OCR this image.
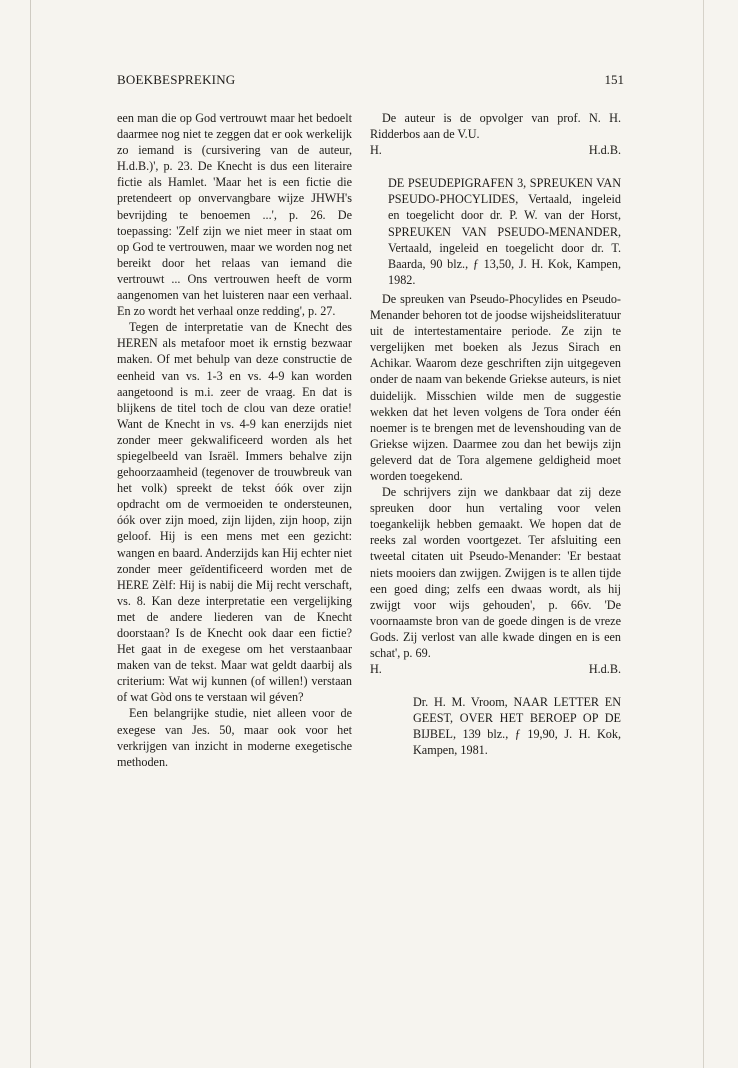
BOEKBESPREKING	151

een man die op God vertrouwt maar het bedoelt daarmee nog niet te zeggen dat er ook werkelijk zo iemand is (cursivering van de auteur, H.d.B.)', p. 23. De Knecht is dus een literaire fictie als Hamlet. 'Maar het is een fictie die pretendeert op onvervangbare wijze JHWH's bevrijding te benoemen ...', p. 26. De toepassing: 'Zelf zijn we niet meer in staat om op God te vertrouwen, maar we worden nog net bereikt door het relaas van iemand die vertrouwt ... Ons vertrouwen heeft de vorm aangenomen van het luisteren naar een verhaal. En zo wordt het verhaal onze redding', p. 27.

Tegen de interpretatie van de Knecht des HEREN als metafoor moet ik ernstig bezwaar maken. Of met behulp van deze constructie de eenheid van vs. 1-3 en vs. 4-9 kan worden aangetoond is m.i. zeer de vraag. En dat is blijkens de titel toch de clou van deze oratie! Want de Knecht in vs. 4-9 kan enerzijds niet zonder meer gekwalificeerd worden als het spiegelbeeld van Israël. Immers behalve zijn gehoorzaamheid (tegenover de trouwbreuk van het volk) spreekt de tekst óók over zijn opdracht om de vermoeiden te ondersteunen, óók over zijn moed, zijn lijden, zijn hoop, zijn geloof. Hij is een mens met een gezicht: wangen en baard. Anderzijds kan Hij echter niet zonder meer geïdentificeerd worden met de HERE Zèlf: Hij is nabij die Mij recht verschaft, vs. 8. Kan deze interpretatie een vergelijking met de andere liederen van de Knecht doorstaan? Is de Knecht ook daar een fictie? Het gaat in de exegese om het verstaanbaar maken van de tekst. Maar wat geldt daarbij als criterium: Wat wij kunnen (of willen!) verstaan of wat Gòd ons te verstaan wil géven?

Een belangrijke studie, niet alleen voor de exegese van Jes. 50, maar ook voor het verkrijgen van inzicht in moderne exegetische methoden.

De auteur is de opvolger van prof. N. H. Ridderbos aan de V.U.

H.	H.d.B.

DE PSEUDEPIGRAFEN 3, SPREUKEN VAN PSEUDO-PHOCYLIDES, Vertaald, ingeleid en toegelicht door dr. P. W. van der Horst, SPREUKEN VAN PSEUDO-MENANDER, Vertaald, ingeleid en toegelicht door dr. T. Baarda, 90 blz., ƒ 13,50, J. H. Kok, Kampen, 1982.

De spreuken van Pseudo-Phocylides en Pseudo-Menander behoren tot de joodse wijsheidsliteratuur uit de intertestamentaire periode. Ze zijn te vergelijken met boeken als Jezus Sirach en Achikar. Waarom deze geschriften zijn uitgegeven onder de naam van bekende Griekse auteurs, is niet duidelijk. Misschien wilde men de suggestie wekken dat het leven volgens de Tora onder één noemer is te brengen met de levenshouding van de Griekse wijzen. Daarmee zou dan het bewijs zijn geleverd dat de Tora algemene geldigheid moet worden toegekend.

De schrijvers zijn we dankbaar dat zij deze spreuken door hun vertaling voor velen toegankelijk hebben gemaakt. We hopen dat de reeks zal worden voortgezet. Ter afsluiting een tweetal citaten uit Pseudo-Menander: 'Er bestaat niets mooiers dan zwijgen. Zwijgen is te allen tijde een goed ding; zelfs een dwaas wordt, als hij zwijgt voor wijs gehouden', p. 66v. 'De voornaamste bron van de goede dingen is de vreze Gods. Zij verlost van alle kwade dingen en is een schat', p. 69.

H.	H.d.B.

Dr. H. M. Vroom, NAAR LETTER EN GEEST, OVER HET BEROEP OP DE BIJBEL, 139 blz., ƒ 19,90, J. H. Kok, Kampen, 1981.
